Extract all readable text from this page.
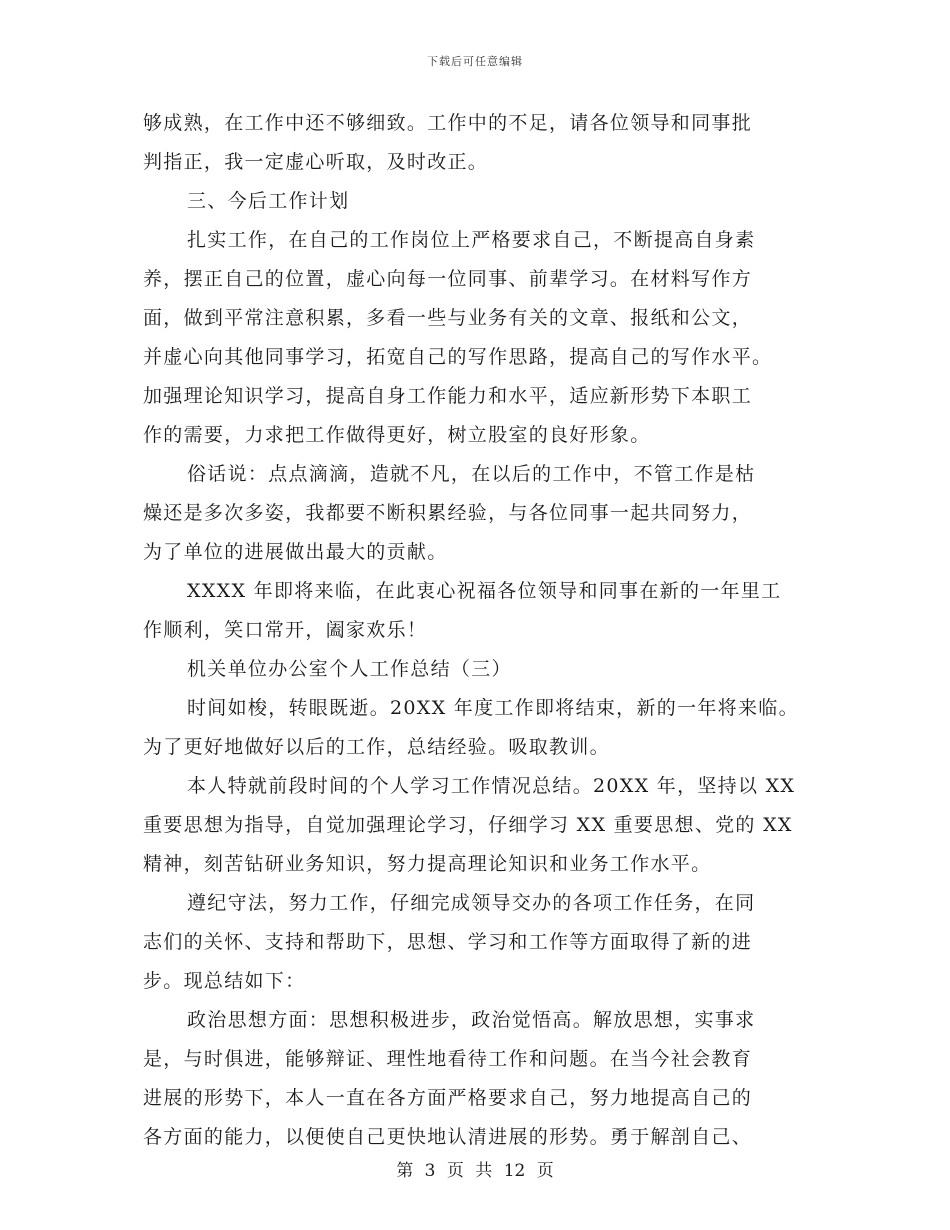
下载后可任意编辑
够成熟，在工作中还不够细致。工作中的不足，请各位领导和同事批
判指正，我一定虚心听取，及时改正。
三、今后工作计划
扎实工作，在自己的工作岗位上严格要求自己，不断提高自身素
养，摆正自己的位置，虚心向每一位同事、前辈学习。在材料写作方
面，做到平常注意积累，多看一些与业务有关的文章、报纸和公文，
并虚心向其他同事学习，拓宽自己的写作思路，提高自己的写作水平。
加强理论知识学习，提高自身工作能力和水平，适应新形势下本职工
作的需要，力求把工作做得更好，树立股室的良好形象。
俗话说：点点滴滴，造就不凡，在以后的工作中，不管工作是枯
燥还是多次多姿，我都要不断积累经验，与各位同事一起共同努力，
为了单位的进展做出最大的贡献。
XXXX 年即将来临，在此衷心祝福各位领导和同事在新的一年里工
作顺利，笑口常开，阖家欢乐！
机关单位办公室个人工作总结（三）
时间如梭，转眼既逝。20XX 年度工作即将结束，新的一年将来临。
为了更好地做好以后的工作，总结经验。吸取教训。
本人特就前段时间的个人学习工作情况总结。20XX 年，坚持以 XX
重要思想为指导，自觉加强理论学习，仔细学习 XX 重要思想、党的 XX
精神，刻苦钻研业务知识，努力提高理论知识和业务工作水平。
遵纪守法，努力工作，仔细完成领导交办的各项工作任务，在同
志们的关怀、支持和帮助下，思想、学习和工作等方面取得了新的进
步。现总结如下：
政治思想方面：思想积极进步，政治觉悟高。解放思想，实事求
是，与时俱进，能够辩证、理性地看待工作和问题。在当今社会教育
进展的形势下，本人一直在各方面严格要求自己，努力地提高自己的
各方面的能力，以便使自己更快地认清进展的形势。勇于解剖自己、
第 3 页 共 12 页
